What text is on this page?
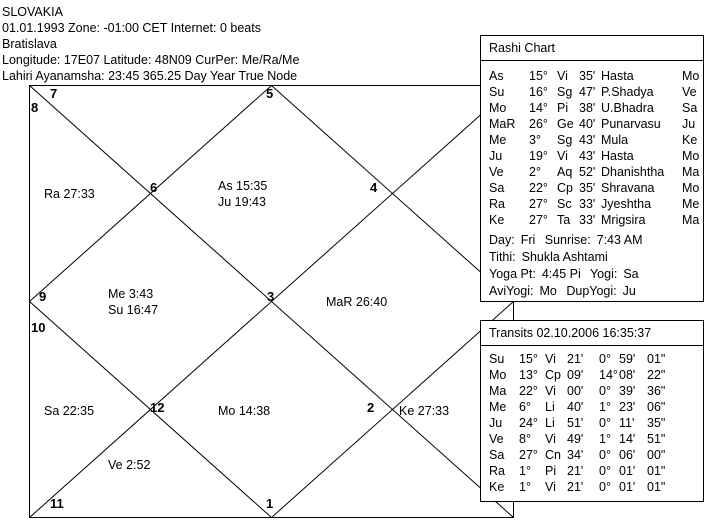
SLOVAKIA
01.01.1993 Zone: -01:00 CET Internet: 0 beats
Bratislava
Longitude: 17E07 Latitude: 48N09 CurPer: Me/Ra/Me
Lahiri Ayanamsha: 23:45 365.25 Day Year True Node
8
7	5
6	4
9	3
10
12	2
11	1
Ra 27:33
As 15:35
Ju 19:43
Me 3:43
Su 16:47
MaR 26:40
Sa 22:35	Mo 14:38	Ke 27:33
Ve 2:52
Rashi Chart
As 15° Vi 35' Hasta	Mo
Su 16° Sg 47' P.Shadya Ve
Mo 14° Pi 38' U.Bhadra Sa
MaR 26° Ge 40' Punarvasu Ju
Me 3° Sg 43' Mula	Ke
Ju 19° Vi 43' Hasta	Mo
Ve 2° Aq 52' Dhanishtha Ma
Sa 22° Cp 35' Shravana Mo
Ra 27° Sc 33' Jyeshtha Me
Ke 27° Ta 33' Mrigsira	Ma
Day: Fri Sunrise: 7:43 AM
Tithi: Shukla Ashtami
Yoga Pt: 4:45 Pi Yogi: Sa
AviYogi: Mo DupYogi: Ju
Transits 02.10.2006 16:35:37
Su 15° Vi 21' 0° 59' 01"
Mo 13° Cp 09' 14° 08' 22"
Ma 22° Vi 00' 0° 39' 36"
Me 6° Li 40' 1° 23' 06"
Ju 24° Li 51' 0° 11' 35"
Ve 8° Vi 49' 1° 14' 51"
Sa 27° Cn 34' 0° 06' 00"
Ra 1° Pi 21' 0° 01' 01"
Ke 1° Vi 21' 0° 01' 01"
